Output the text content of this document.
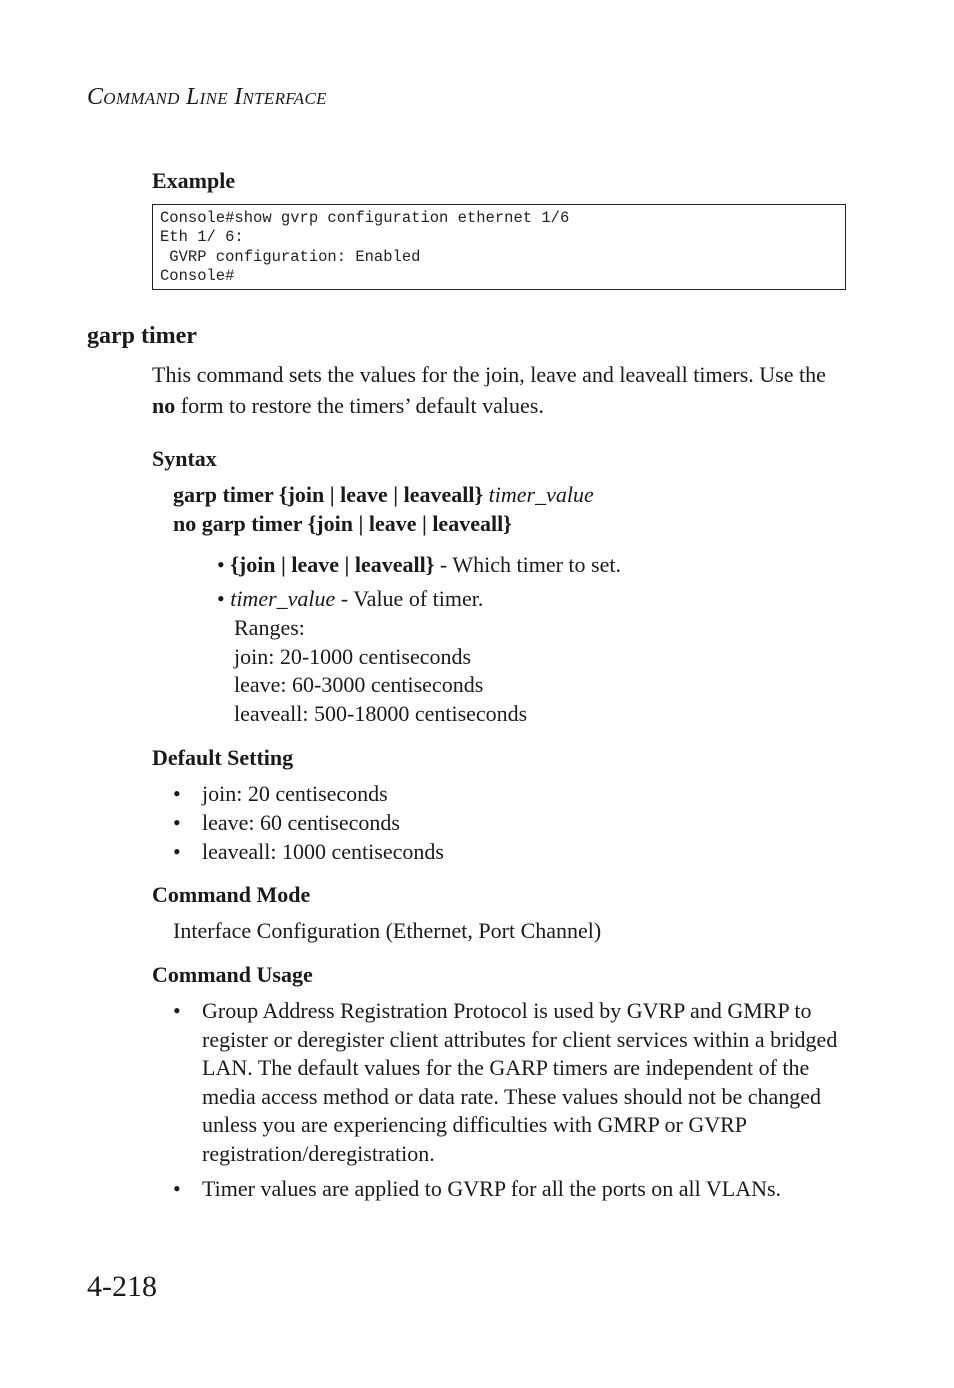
Command Line Interface
Example
Console#show gvrp configuration ethernet 1/6
Eth 1/ 6:
GVRP configuration: Enabled
Console#
garp timer
This command sets the values for the join, leave and leaveall timers. Use the no form to restore the timers’ default values.
Syntax
garp timer {join | leave | leaveall} timer_value
no garp timer {join | leave | leaveall}
• {join | leave | leaveall} - Which timer to set.
• timer_value - Value of timer.
Ranges:
join: 20-1000 centiseconds
leave: 60-3000 centiseconds
leaveall: 500-18000 centiseconds
Default Setting
• join: 20 centiseconds
• leave: 60 centiseconds
• leaveall: 1000 centiseconds
Command Mode
Interface Configuration (Ethernet, Port Channel)
Command Usage
• Group Address Registration Protocol is used by GVRP and GMRP to register or deregister client attributes for client services within a bridged LAN. The default values for the GARP timers are independent of the media access method or data rate. These values should not be changed unless you are experiencing difficulties with GMRP or GVRP registration/deregistration.
• Timer values are applied to GVRP for all the ports on all VLANs.
4-218
